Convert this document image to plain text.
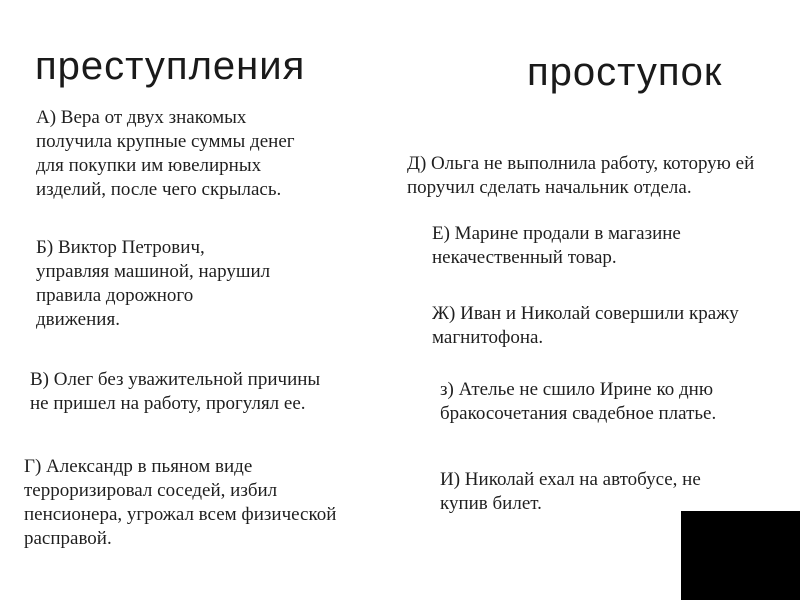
преступления	проступок
А) Вера от двух знакомых
получила крупные суммы денег
для покупки им ювелирных
изделий, после чего скрылась.
Б) Виктор Петрович,
управляя машиной, нарушил
правила дорожного
движения.
В) Олег без уважительной причины
не пришел на работу, прогулял ее.
Г) Александр в пьяном виде
терроризировал соседей, избил
пенсионера, угрожал всем физической
расправой.
Д) Ольга не выполнила работу, которую ей
поручил сделать начальник отдела.
Е) Марине продали в магазине
некачественный товар.
Ж) Иван и Николай совершили кражу
магнитофона.
з) Ателье не сшило Ирине ко дню
бракосочетания свадебное платье.
И) Николай ехал на автобусе, не
купив билет.
